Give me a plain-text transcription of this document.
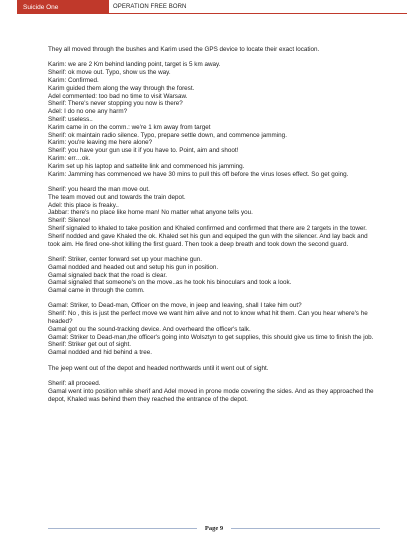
Suicide One	OPERATION FREE BORN
They all moved through the bushes and Karim used the GPS device to locate their exact location.
Karim: we are 2 Km behind landing point, target is 5 km away.
Sherif: ok move out. Typo, show us the way.
Karim: Confirmed.
Karim guided them along the way through the forest.
Adel commented: too bad no time to visit Warsaw.
Sherif: There's never stopping you now is there?
Adel: I do no one any harm?
Sherif: useless..
Karim came in on the comm.: we're 1 km away from target
Sherif: ok maintain radio silence. Typo, prepare settle down, and commence jamming.
Karim: you're leaving me here alone?
Sherif: you have your gun use it if you have to. Point, aim and shoot!
Karim: err…ok.
Karim set up his laptop and sattelite link and commenced his jamming.
Karim: Jamming has commenced we have 30 mins to pull this off before the virus loses effect. So get going.
Sherif: you heard the man move out.
The team moved out and towards the train depot.
Adel: this place is freaky..
Jabbar: there's no place like home man! No matter what anyone tells you.
Sherif: Silence!
Sherif signaled to khaled to take position and Khaled confirmed and confirmed that there are 2 targets in the tower.
Sherif nodded and gave Khaled the ok. Khaled set his gun and equiped the gun with the silencer. And lay back and took aim. He fired one-shot killing the first guard. Then took a deep breath and took down the second guard.
Sherif: Striker, center forward set up your machine gun.
Gamal nodded and headed out and setup his gun in position.
Gamal signaled back that the road is clear.
Gamal signaled that someone's on the move..as he took his binoculars and took a look.
Gamal came in through the comm.
Gamal: Striker, to Dead-man, Officer on the move, in jeep and leaving, shall I take him out?
Sherif: No , this is just the perfect move we want him alive and not to know what hit them. Can you hear where's he headed?
Gamal got ou the sound-tracking device. And overheard the officer's talk.
Gamal: Striker to Dead-man,the officer's going into Wolsztyn to get supplies, this should give us time to finish the job.
Sherif: Striker get out of sight.
Gamal nodded and hid behind a tree.
The jeep went out of the depot and headed northwards until it went out of sight.
Sherif: all proceed.
Gamal went into position while sherif and Adel moved in prone mode covering the sides. And as they approached the depot, Khaled was behind them they reached the entrance of the depot.
Page 9
